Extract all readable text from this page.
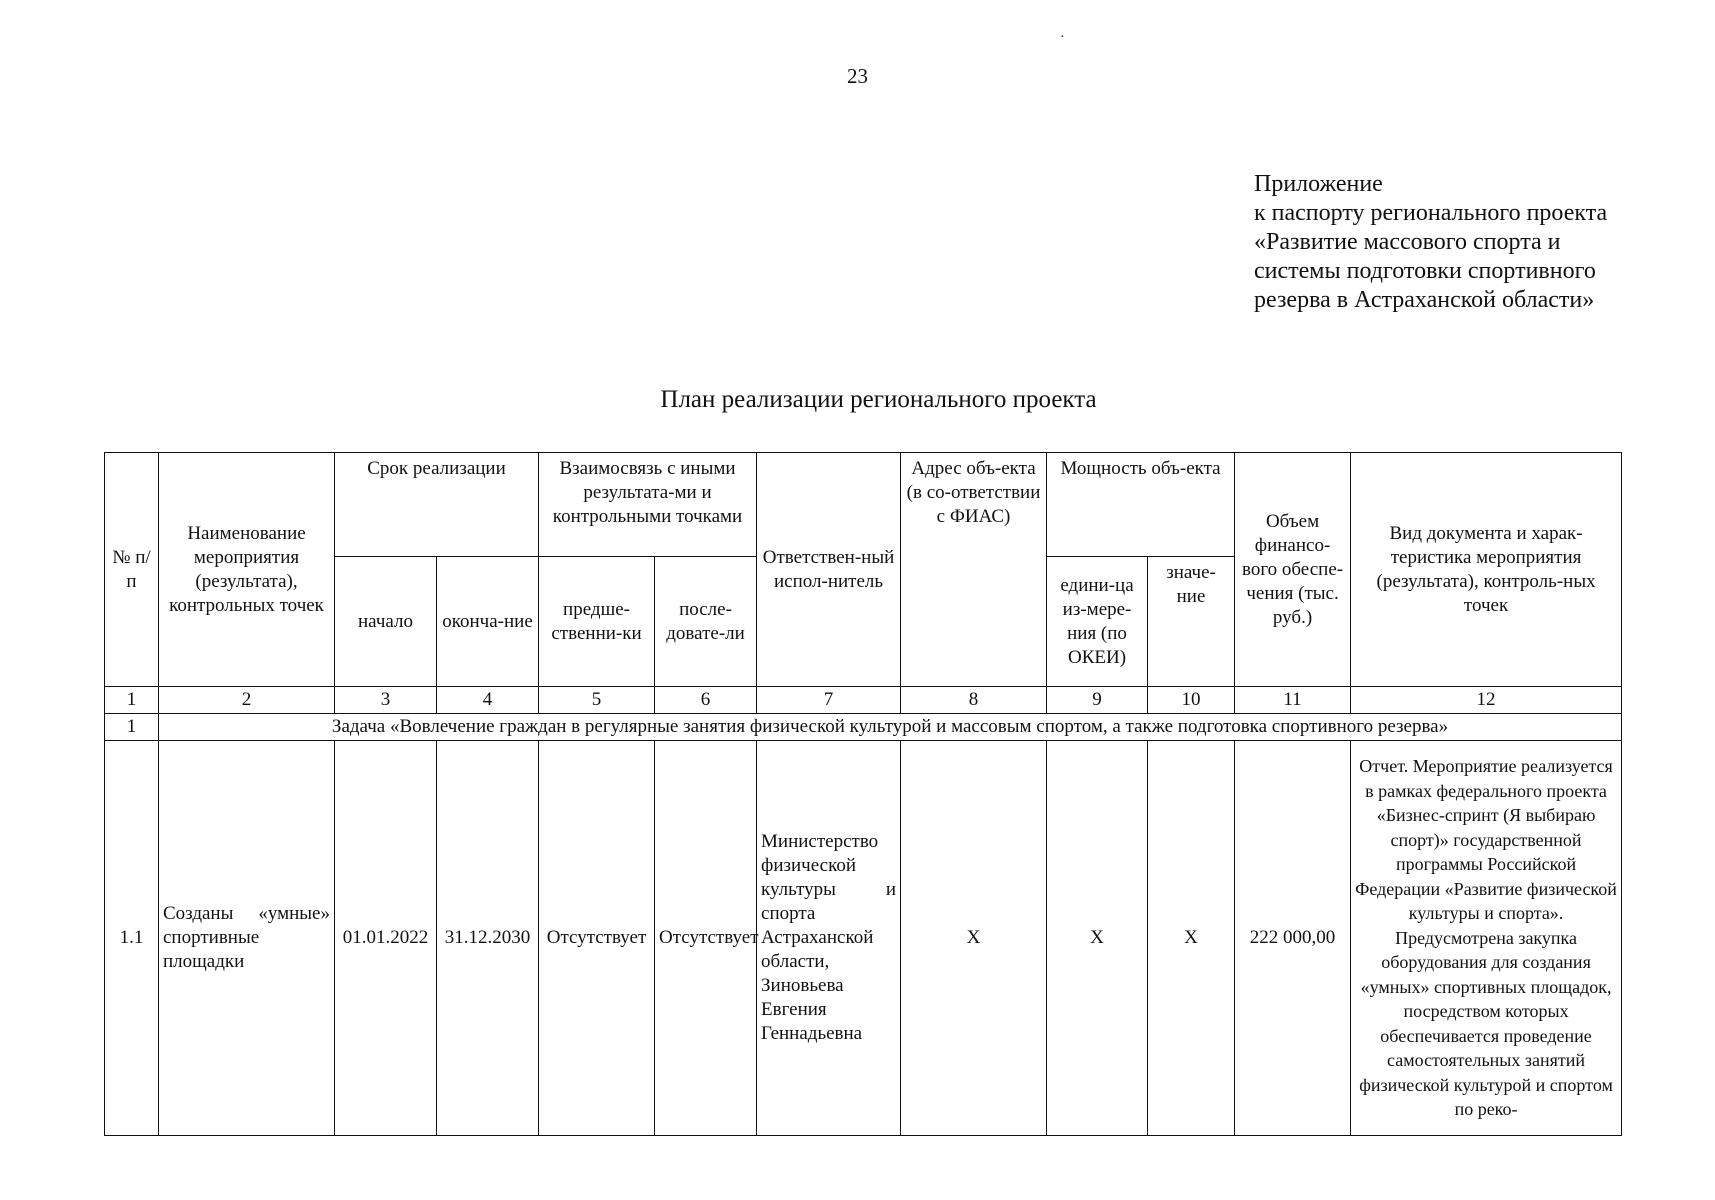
·
23
Приложение
к паспорту регионального проекта
«Развитие массового спорта и
системы подготовки спортивного
резерва в Астраханской области»
План реализации регионального проекта
№ п/п	Наименование мероприятия (результата), контрольных точек	Срок реализации		Взаимосвязь с иными результата-ми и контрольными точками		Ответствен-ный испол-нитель	Адрес объ-екта (в со-ответствии с ФИАС)	Мощность объ-екта		Объем финансо-вого обеспе-чения (тыс. руб.)	Вид документа и харак-теристика мероприятия (результата), контроль-ных точек
		начало	оконча-ние	предше-ственни-ки	после-довате-ли			едини-ца из-мере-ния (по ОКЕИ)	значе-ние		
1	2	3	4	5	6	7	8	9	10	11	12
1	Задача «Вовлечение граждан в регулярные занятия физической культурой и массовым спортом, а также подготовка спортивного резерва»										
1.1	Созданы «умные» спортивные площадки	01.01.2022	31.12.2030	Отсутствует	Отсутствует	Министерство физической культуры и спорта Астраханской области, Зиновьева Евгения Геннадьевна	X	X	X	222 000,00	Отчет. Мероприятие реализуется в рамках федерального проекта «Бизнес-спринт (Я выбираю спорт)» государственной программы Российской Федерации «Развитие физической культуры и спорта». Предусмотрена закупка оборудования для создания «умных» спортивных площадок, посредством которых обеспечивается проведение самостоятельных занятий физической культурой и спортом по реко-
